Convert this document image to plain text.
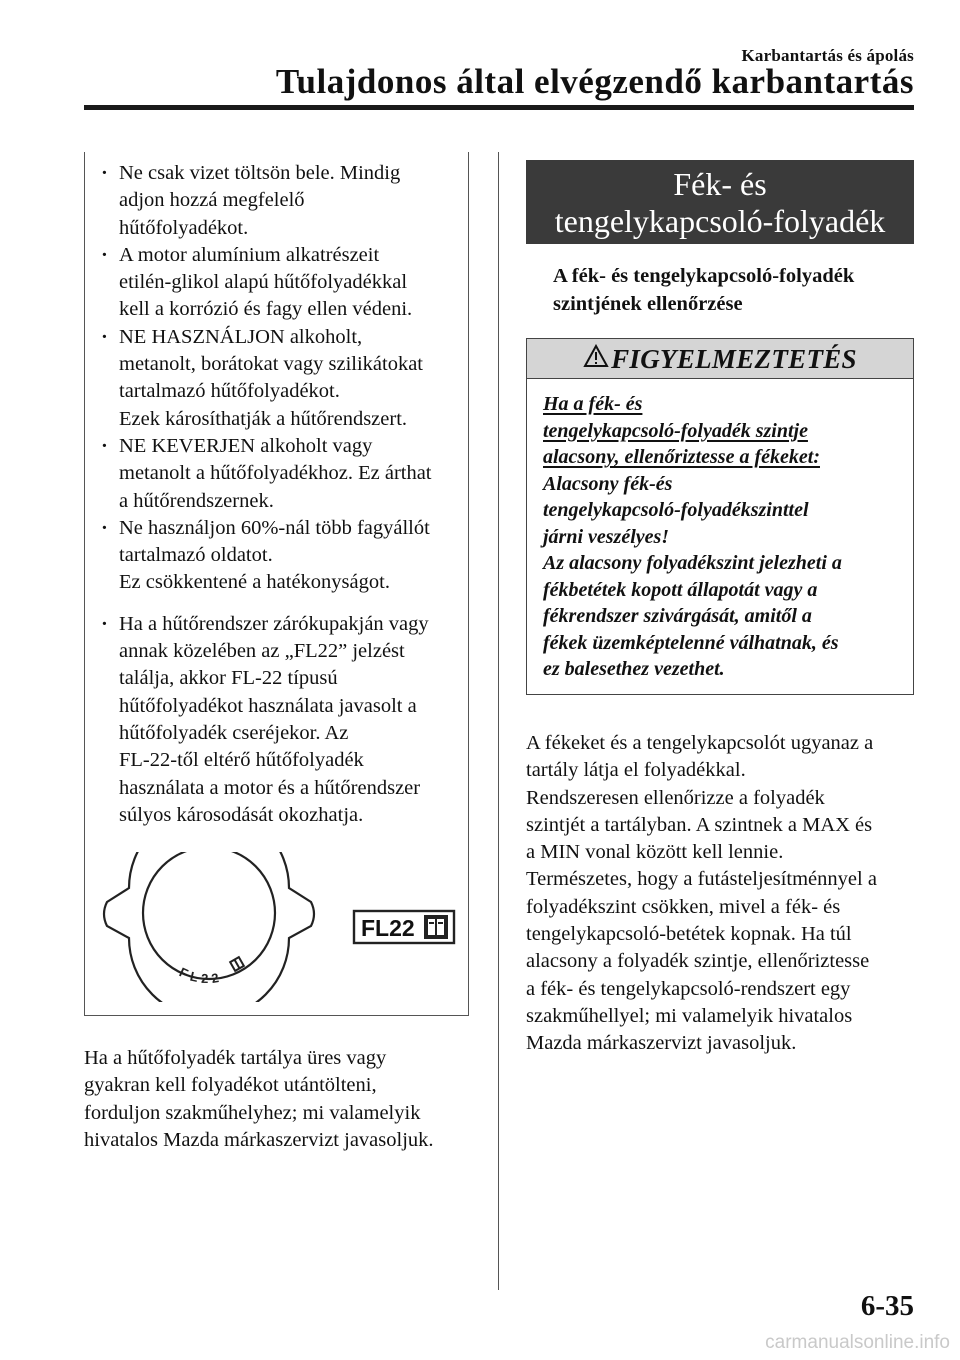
Karbantartás és ápolás
Tulajdonos által elvégzendő karbantartás
· Ne csak vizet töltsön bele. Mindig
adjon hozzá megfelelő
hűtőfolyadékot.
· A motor alumínium alkatrészeit
etilén-glikol alapú hűtőfolyadékkal
kell a korrózió és fagy ellen védeni.
· NE HASZNÁLJON alkoholt,
metanolt, borátokat vagy szilikátokat
tartalmazó hűtőfolyadékot.
Ezek károsíthatják a hűtőrendszert.
· NE KEVERJEN alkoholt vagy
metanolt a hűtőfolyadékhoz. Ez árthat
a hűtőrendszernek.
· Ne használjon 60%-nál több fagyállót
tartalmazó oldatot.
Ez csökkentené a hatékonyságot.
· Ha a hűtőrendszer zárókupakján vagy
annak közelében az „FL22” jelzést
találja, akkor FL-22 típusú
hűtőfolyadékot használata javasolt a
hűtőfolyadék cseréjekor. Az
FL-22-től eltérő hűtőfolyadék
használata a motor és a hűtőrendszer
súlyos károsodását okozhatja.
FL22
FL22
Ha a hűtőfolyadék tartálya üres vagy
gyakran kell folyadékot utántölteni,
forduljon szakműhelyhez; mi valamelyik
hivatalos Mazda márkaszervizt javasoljuk.
Fék- és
tengelykapcsoló-folyadék
A fék- és tengelykapcsoló-folyadék
szintjének ellenőrzése
FIGYELMEZTETÉS
Ha a fék- és
tengelykapcsoló-folyadék szintje
alacsony, ellenőriztesse a fékeket:
Alacsony fék-és
tengelykapcsoló-folyadékszinttel
járni veszélyes!
Az alacsony folyadékszint jelezheti a
fékbetétek kopott állapotát vagy a
fékrendszer szivárgását, amitől a
fékek üzemképtelenné válhatnak, és
ez balesethez vezethet.
A fékeket és a tengelykapcsolót ugyanaz a
tartály látja el folyadékkal.
Rendszeresen ellenőrizze a folyadék
szintjét a tartályban. A szintnek a MAX és
a MIN vonal között kell lennie.
Természetes, hogy a futásteljesítménnyel a
folyadékszint csökken, mivel a fék- és
tengelykapcsoló-betétek kopnak. Ha túl
alacsony a folyadék szintje, ellenőriztesse
a fék- és tengelykapcsoló-rendszert egy
szakműhellyel; mi valamelyik hivatalos
Mazda márkaszervizt javasoljuk.
6-35
carmanualsonline.info
